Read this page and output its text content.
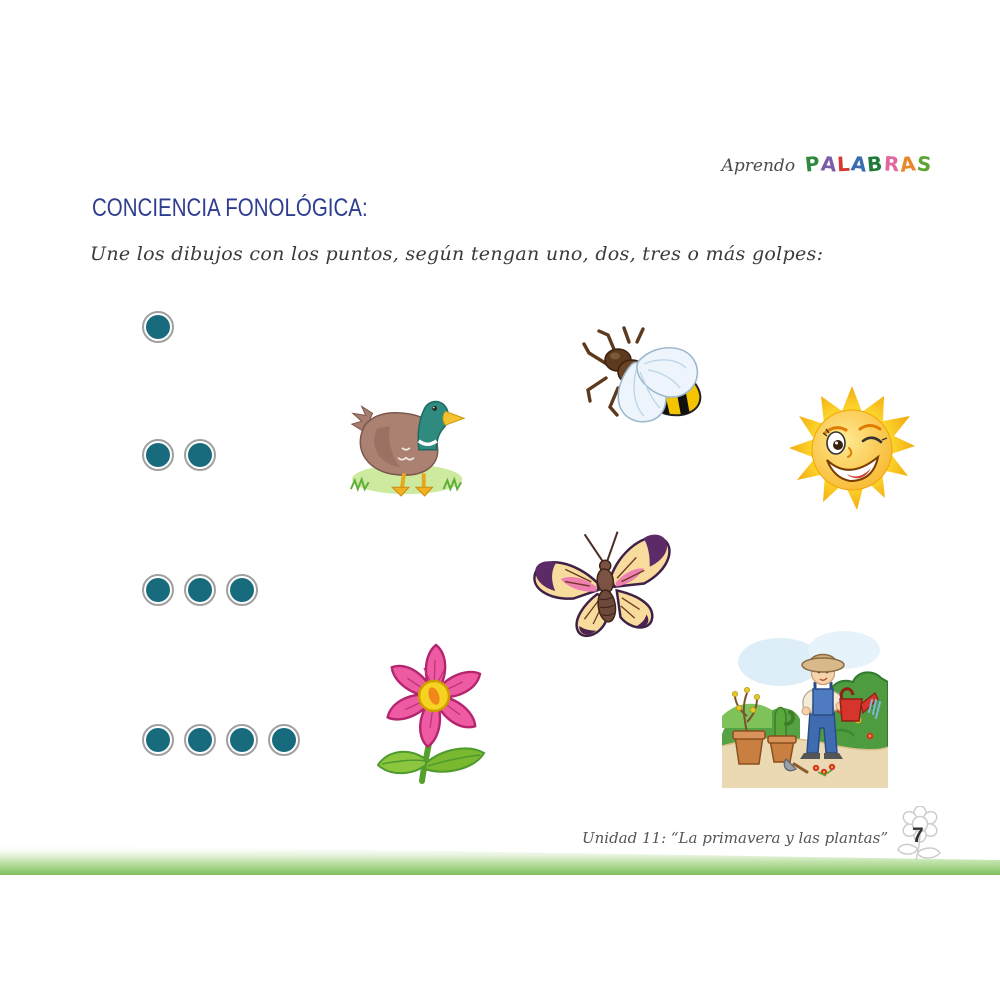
Aprendo PALABRAS
CONCIENCIA FONOLÓGICA:
Une los dibujos con los puntos, según tengan uno, dos, tres o más golpes:
Unidad 11: “La primavera y las plantas” 7
